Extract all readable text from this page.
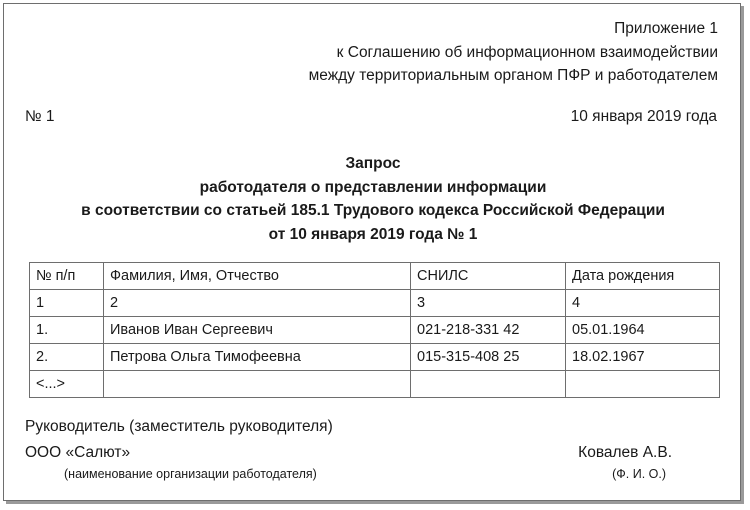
Приложение 1
к Соглашению об информационном взаимодействии
между территориальным органом ПФР и работодателем
№ 1	10 января 2019 года
Запрос
работодателя о представлении информации
в соответствии со статьей 185.1 Трудового кодекса Российской Федерации
от 10 января 2019 года № 1
№ п/п	Фамилия, Имя, Отчество	СНИЛС	Дата рождения
1	2	3	4
1.	Иванов Иван Сергеевич	021-218-331 42	05.01.1964
2.	Петрова Ольга Тимофеевна	015-315-408 25	18.02.1967
<...>			
Руководитель (заместитель руководителя)
ООО «Салют»	Ковалев А.В.
(наименование организации работодателя)	(Ф. И. О.)
